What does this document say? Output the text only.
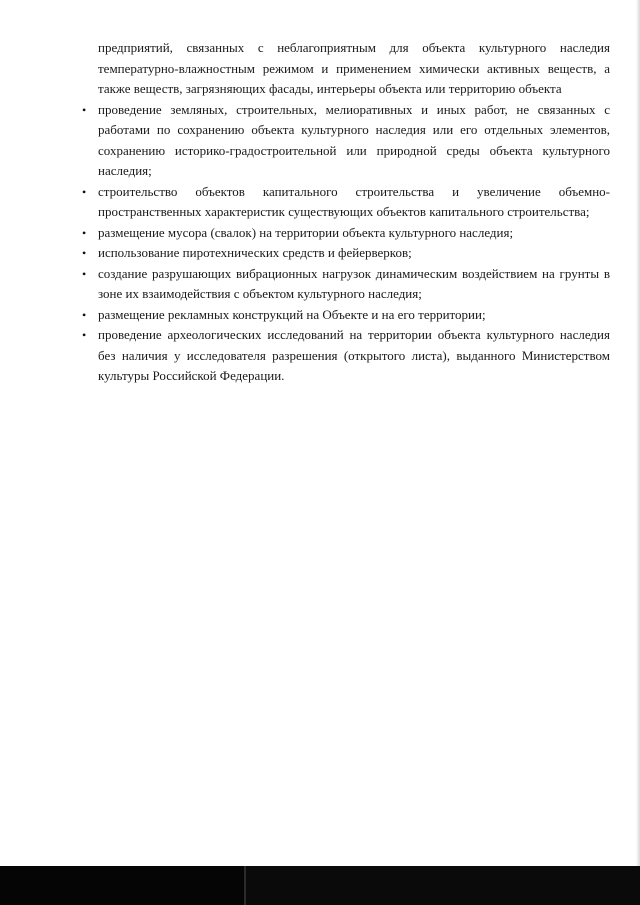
предприятий, связанных с неблагоприятным для объекта культурного наследия температурно-влажностным режимом и применением химически активных веществ, а также веществ, загрязняющих фасады, интерьеры объекта или территорию объекта

• проведение земляных, строительных, мелиоративных и иных работ, не связанных с работами по сохранению объекта культурного наследия или его отдельных элементов, сохранению историко-градостроительной или природной среды объекта культурного наследия;
• строительство объектов капитального строительства и увеличение объемно-пространственных характеристик существующих объектов капитального строительства;
• размещение мусора (свалок) на территории объекта культурного наследия;
• использование пиротехнических средств и фейерверков;
• создание разрушающих вибрационных нагрузок динамическим воздействием на грунты в зоне их взаимодействия с объектом культурного наследия;
• размещение рекламных конструкций на Объекте и на его территории;
• проведение археологических исследований на территории объекта культурного наследия без наличия у исследователя разрешения (открытого листа), выданного Министерством культуры Российской Федерации.
